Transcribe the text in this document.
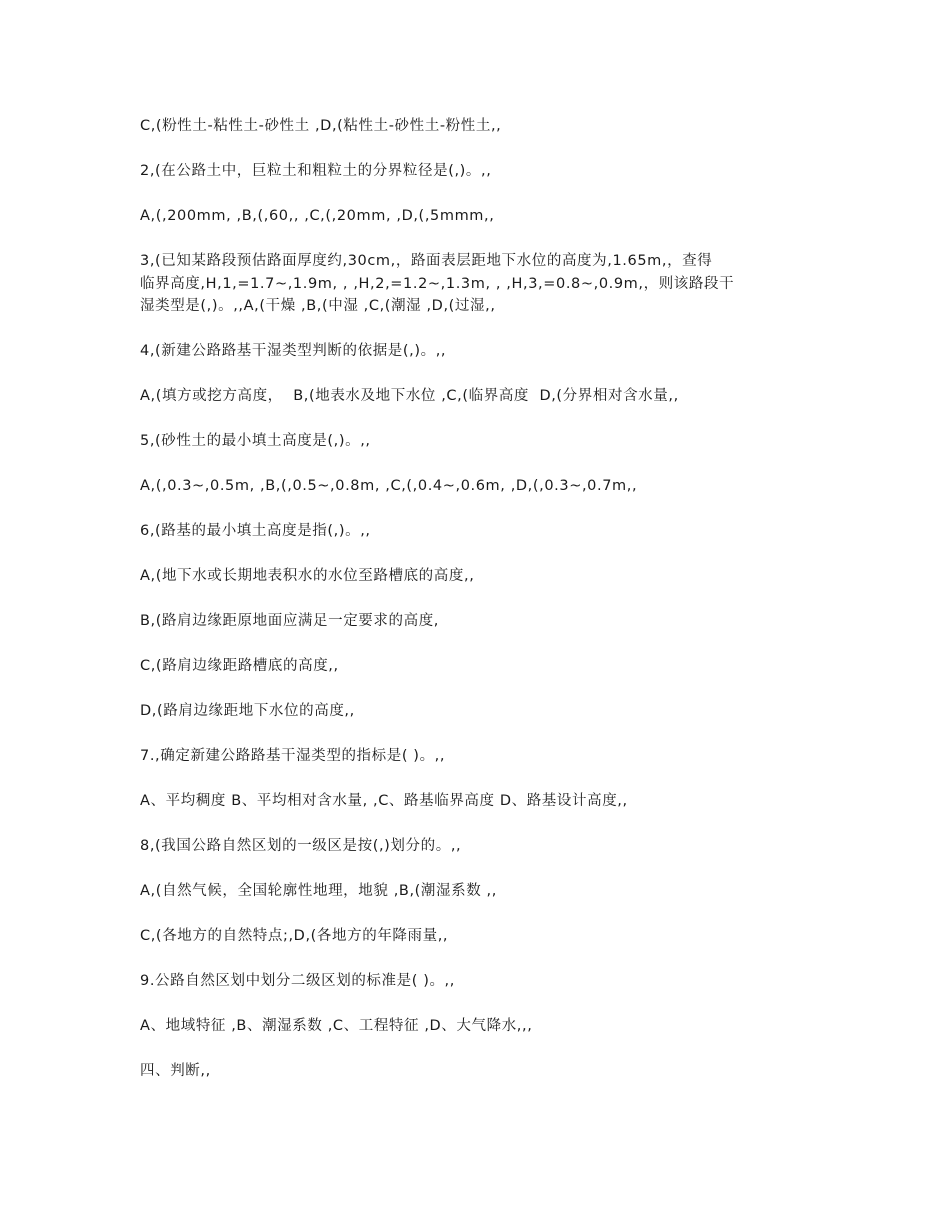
C,(粉性土-粘性土-砂性土 ,D,(粘性土-砂性土-粉性土,,

2,(在公路土中，巨粒土和粗粒土的分界粒径是(,)。,,

A,(,200mm, ,B,(,60,, ,C,(,20mm, ,D,(,5mmm,,

3,(已知某路段预估路面厚度约,30cm,，路面表层距地下水位的高度为,1.65m,，查得

临界高度,H,1,=1.7~,1.9m, , ,H,2,=1.2~,1.3m, , ,H,3,=0.8~,0.9m,，则该路段干

湿类型是(,)。,,A,(干燥 ,B,(中湿 ,C,(潮湿 ,D,(过湿,,

4,(新建公路路基干湿类型判断的依据是(,)。,,

A,(填方或挖方高度，  B,(地表水及地下水位 ,C,(临界高度  D,(分界相对含水量,,

5,(砂性土的最小填土高度是(,)。,,

A,(,0.3~,0.5m, ,B,(,0.5~,0.8m, ,C,(,0.4~,0.6m, ,D,(,0.3~,0.7m,,

6,(路基的最小填土高度是指(,)。,,

A,(地下水或长期地表积水的水位至路槽底的高度,,

B,(路肩边缘距原地面应满足一定要求的高度,

C,(路肩边缘距路槽底的高度,,

D,(路肩边缘距地下水位的高度,,

7.,确定新建公路路基干湿类型的指标是( )。,,

A、平均稠度 B、平均相对含水量, ,C、路基临界高度 D、路基设计高度,,

8,(我国公路自然区划的一级区是按(,)划分的。,,

A,(自然气候，全国轮廓性地理，地貌 ,B,(潮湿系数 ,,

C,(各地方的自然特点;,D,(各地方的年降雨量,,

9.公路自然区划中划分二级区划的标准是( )。,,

A、地域特征 ,B、潮湿系数 ,C、工程特征 ,D、大气降水,,,

四、判断,,
